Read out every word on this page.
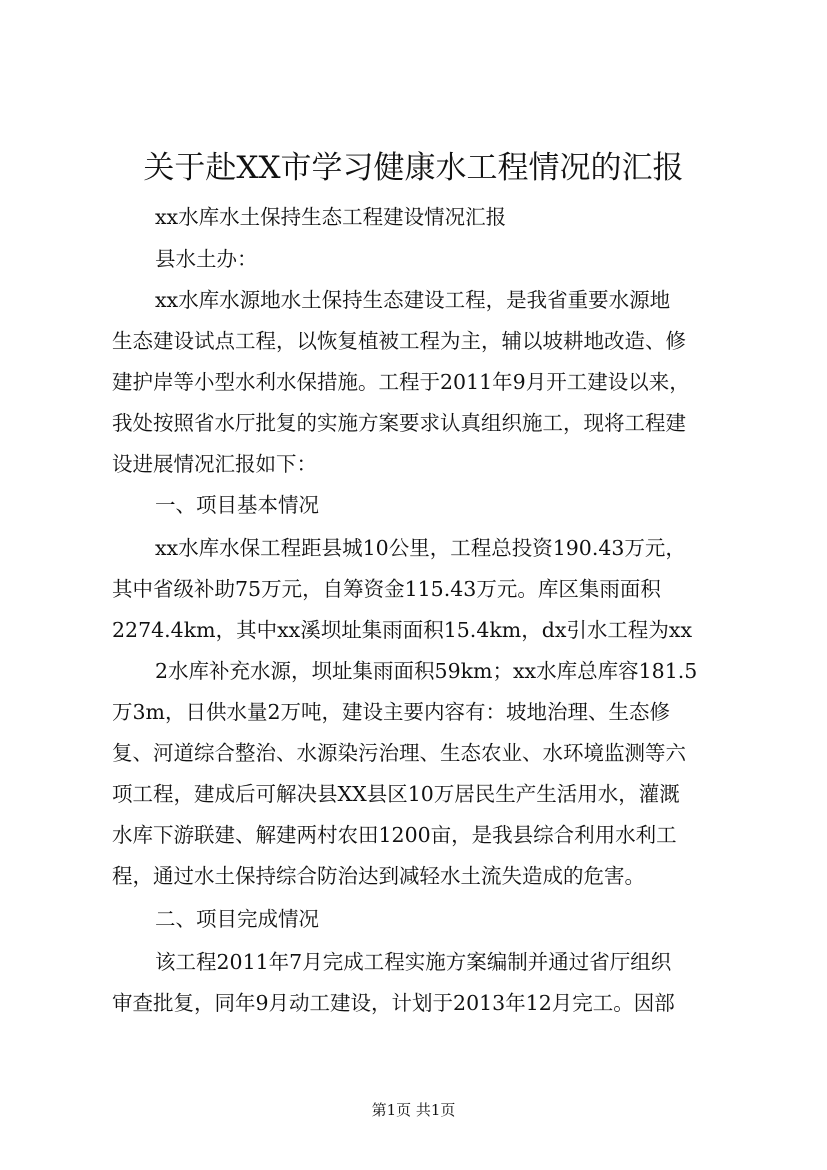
关于赴XX市学习健康水工程情况的汇报
xx水库水土保持生态工程建设情况汇报
县水土办：
xx水库水源地水土保持生态建设工程，是我省重要水源地
生态建设试点工程，以恢复植被工程为主，辅以坡耕地改造、修
建护岸等小型水利水保措施。工程于2011年9月开工建设以来，
我处按照省水厅批复的实施方案要求认真组织施工，现将工程建
设进展情况汇报如下：
一、项目基本情况
xx水库水保工程距县城10公里，工程总投资190.43万元，
其中省级补助75万元，自筹资金115.43万元。库区集雨面积
2274.4km，其中xx溪坝址集雨面积15.4km，dx引水工程为xx
2水库补充水源，坝址集雨面积59km；xx水库总库容181.5
万3m，日供水量2万吨，建设主要内容有：坡地治理、生态修
复、河道综合整治、水源染污治理、生态农业、水环境监测等六
项工程，建成后可解决县XX县区10万居民生产生活用水，灌溉
水库下游联建、解建两村农田1200亩，是我县综合利用水利工
程，通过水土保持综合防治达到减轻水土流失造成的危害。
二、项目完成情况
该工程2011年7月完成工程实施方案编制并通过省厅组织
审查批复，同年9月动工建设，计划于2013年12月完工。因部
第1页 共1页
